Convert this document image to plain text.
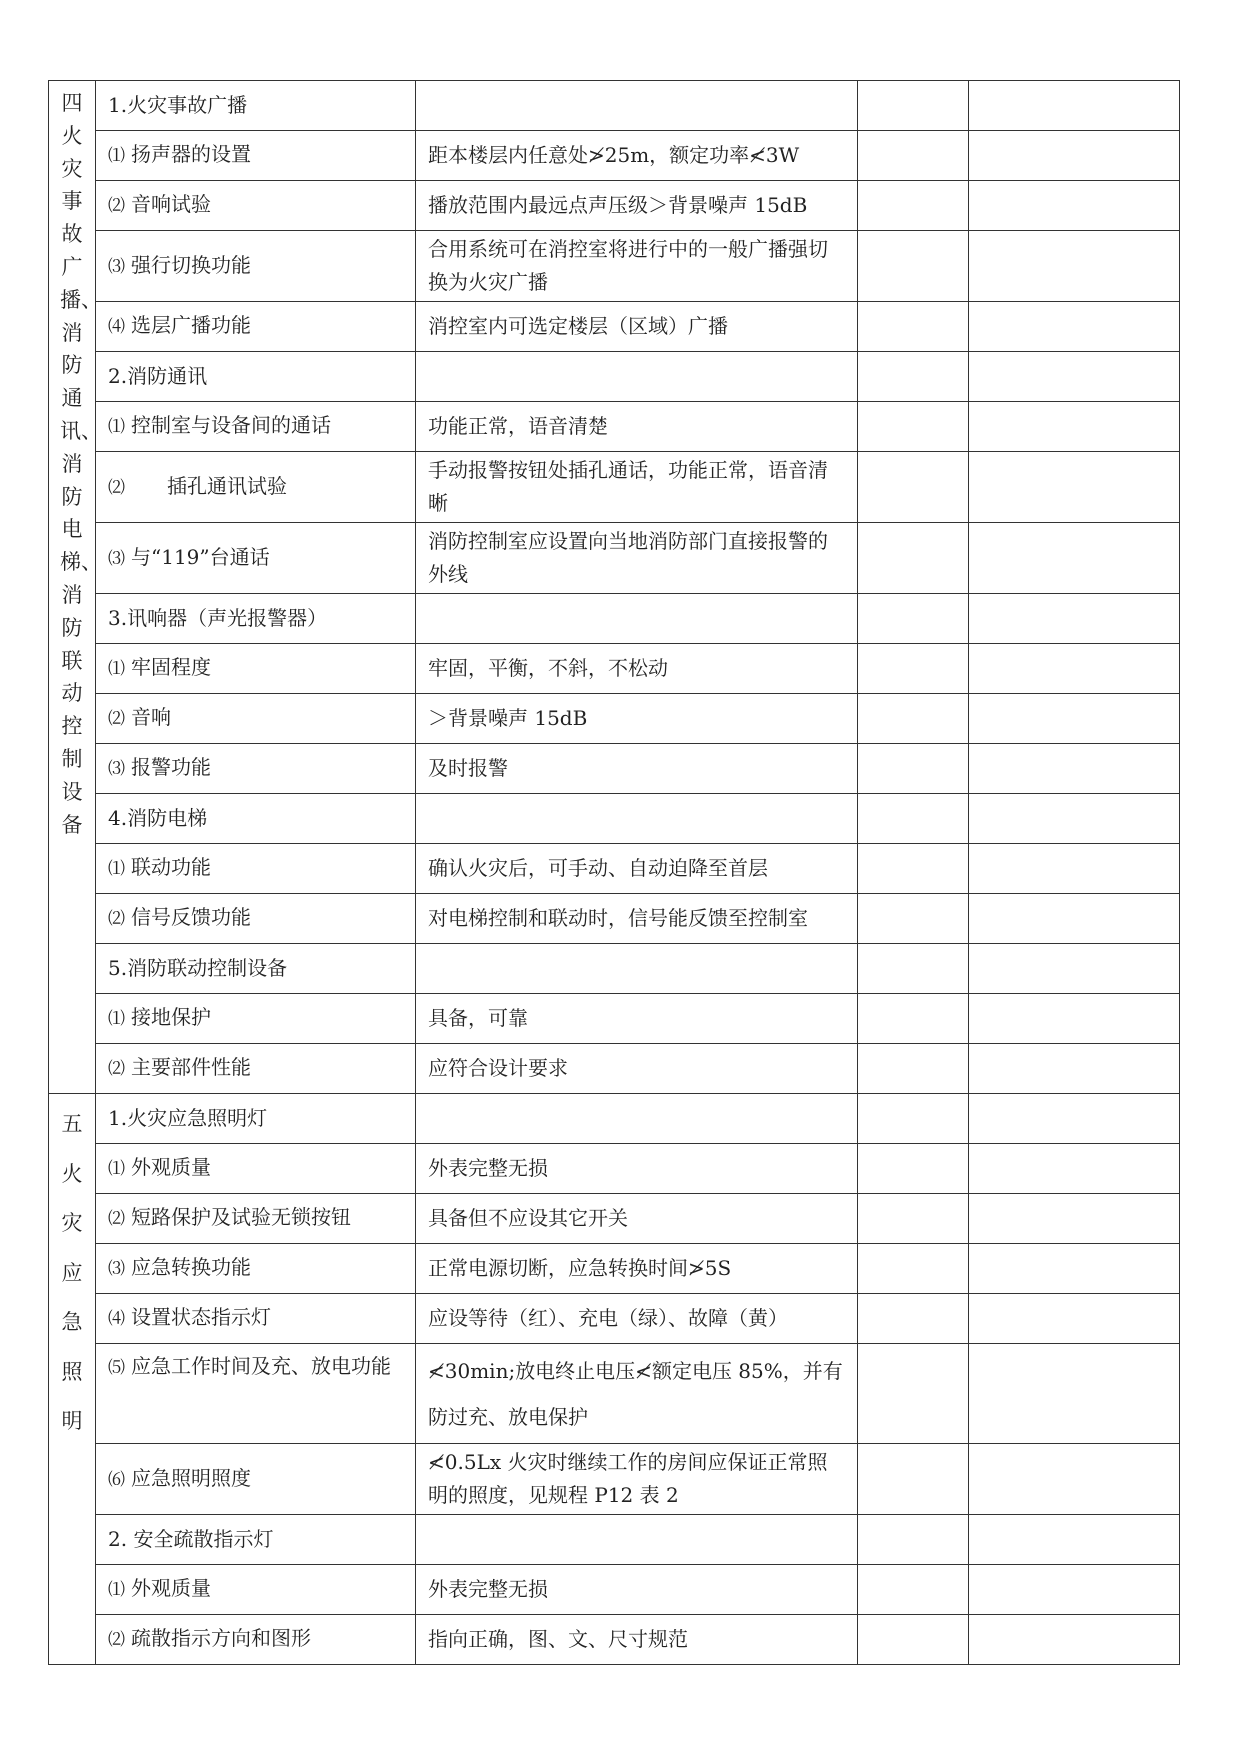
四火灾事故广播、消防通讯、消防电梯、消防联动控制设备	1.火灾事故广播			
	⑴ 扬声器的设置	距本楼层内任意处≯25m，额定功率≮3W		
	⑵ 音响试验	播放范围内最远点声压级＞背景噪声 15dB		
	⑶ 强行切换功能	合用系统可在消控室将进行中的一般广播强切换为火灾广播		
	⑷ 选层广播功能	消控室内可选定楼层（区域）广播		
	2.消防通讯			
	⑴ 控制室与设备间的通话	功能正常，语音清楚		
	⑵ 插孔通讯试验	手动报警按钮处插孔通话，功能正常，语音清晰		
	⑶ 与“119”台通话	消防控制室应设置向当地消防部门直接报警的外线		
	3.讯响器（声光报警器）			
	⑴ 牢固程度	牢固，平衡，不斜，不松动		
	⑵ 音响	＞背景噪声 15dB		
	⑶ 报警功能	及时报警		
	4.消防电梯			
	⑴ 联动功能	确认火灾后，可手动、自动迫降至首层		
	⑵ 信号反馈功能	对电梯控制和联动时，信号能反馈至控制室		
	5.消防联动控制设备			
	⑴ 接地保护	具备，可靠		
	⑵ 主要部件性能	应符合设计要求		

五火灾应急照明	1.火灾应急照明灯			
	⑴ 外观质量	外表完整无损		
	⑵ 短路保护及试验无锁按钮	具备但不应设其它开关		
	⑶ 应急转换功能	正常电源切断，应急转换时间≯5S		
	⑷ 设置状态指示灯	应设等待（红）、充电（绿）、故障（黄）		
	⑸ 应急工作时间及充、放电功能	≮30min;放电终止电压≮额定电压 85%，并有防过充、放电保护		
	⑹ 应急照明照度	≮0.5Lx 火灾时继续工作的房间应保证正常照明的照度，见规程 P12 表 2		
	2. 安全疏散指示灯			
	⑴ 外观质量	外表完整无损		
	⑵ 疏散指示方向和图形	指向正确，图、文、尺寸规范		
